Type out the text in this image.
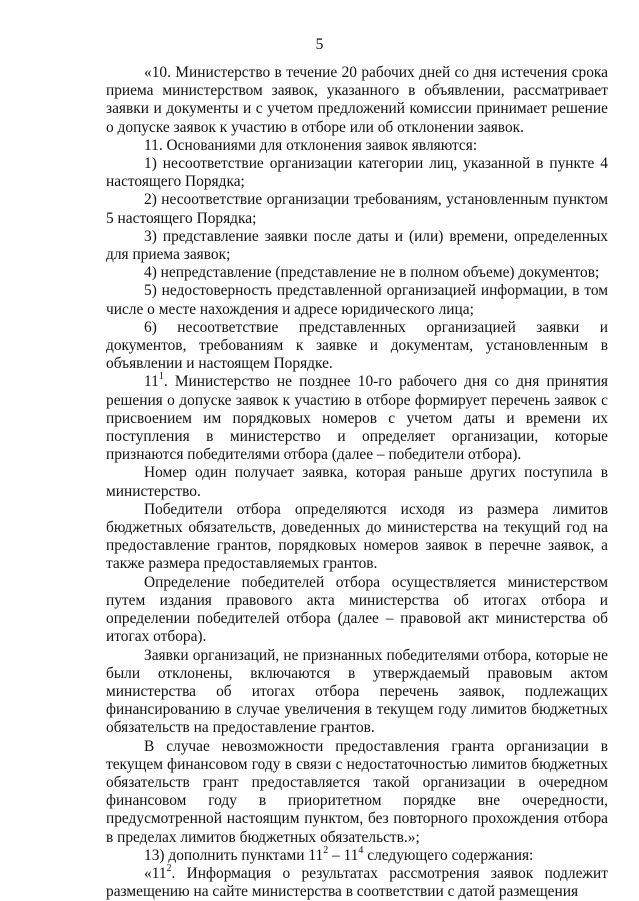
5

«10. Министерство в течение 20 рабочих дней со дня истечения срока приема министерством заявок, указанного в объявлении, рассматривает заявки и документы и с учетом предложений комиссии принимает решение о допуске заявок к участию в отборе или об отклонении заявок.

11. Основаниями для отклонения заявок являются:

1) несоответствие организации категории лиц, указанной в пункте 4 настоящего Порядка;

2) несоответствие организации требованиям, установленным пунктом 5 настоящего Порядка;

3) представление заявки после даты и (или) времени, определенных для приема заявок;

4) непредставление (представление не в полном объеме) документов;

5) недостоверность представленной организацией информации, в том числе о месте нахождения и адресе юридического лица;

6) несоответствие представленных организацией заявки и документов, требованиям к заявке и документам, установленным в объявлении и настоящем Порядке.

$11^1$. Министерство не позднее 10-го рабочего дня со дня принятия решения о допуске заявок к участию в отборе формирует перечень заявок с присвоением им порядковых номеров с учетом даты и времени их поступления в министерство и определяет организации, которые признаются победителями отбора (далее – победители отбора).

Номер один получает заявка, которая раньше других поступила в министерство.

Победители отбора определяются исходя из размера лимитов бюджетных обязательств, доведенных до министерства на текущий год на предоставление грантов, порядковых номеров заявок в перечне заявок, а также размера предоставляемых грантов.

Определение победителей отбора осуществляется министерством путем издания правового акта министерства об итогах отбора и определении победителей отбора (далее – правовой акт министерства об итогах отбора).

Заявки организаций, не признанных победителями отбора, которые не были отклонены, включаются в утверждаемый правовым актом министерства об итогах отбора перечень заявок, подлежащих финансированию в случае увеличения в текущем году лимитов бюджетных обязательств на предоставление грантов.

В случае невозможности предоставления гранта организации в текущем финансовом году в связи с недостаточностью лимитов бюджетных обязательств грант предоставляется такой организации в очередном финансовом году в приоритетном порядке вне очередности, предусмотренной настоящим пунктом, без повторного прохождения отбора в пределах лимитов бюджетных обязательств.»;

13) дополнить пунктами $11^2 - 11^4$ следующего содержания:

«$11^2$. Информация о результатах рассмотрения заявок подлежит размещению на сайте министерства в соответствии с датой размещения
